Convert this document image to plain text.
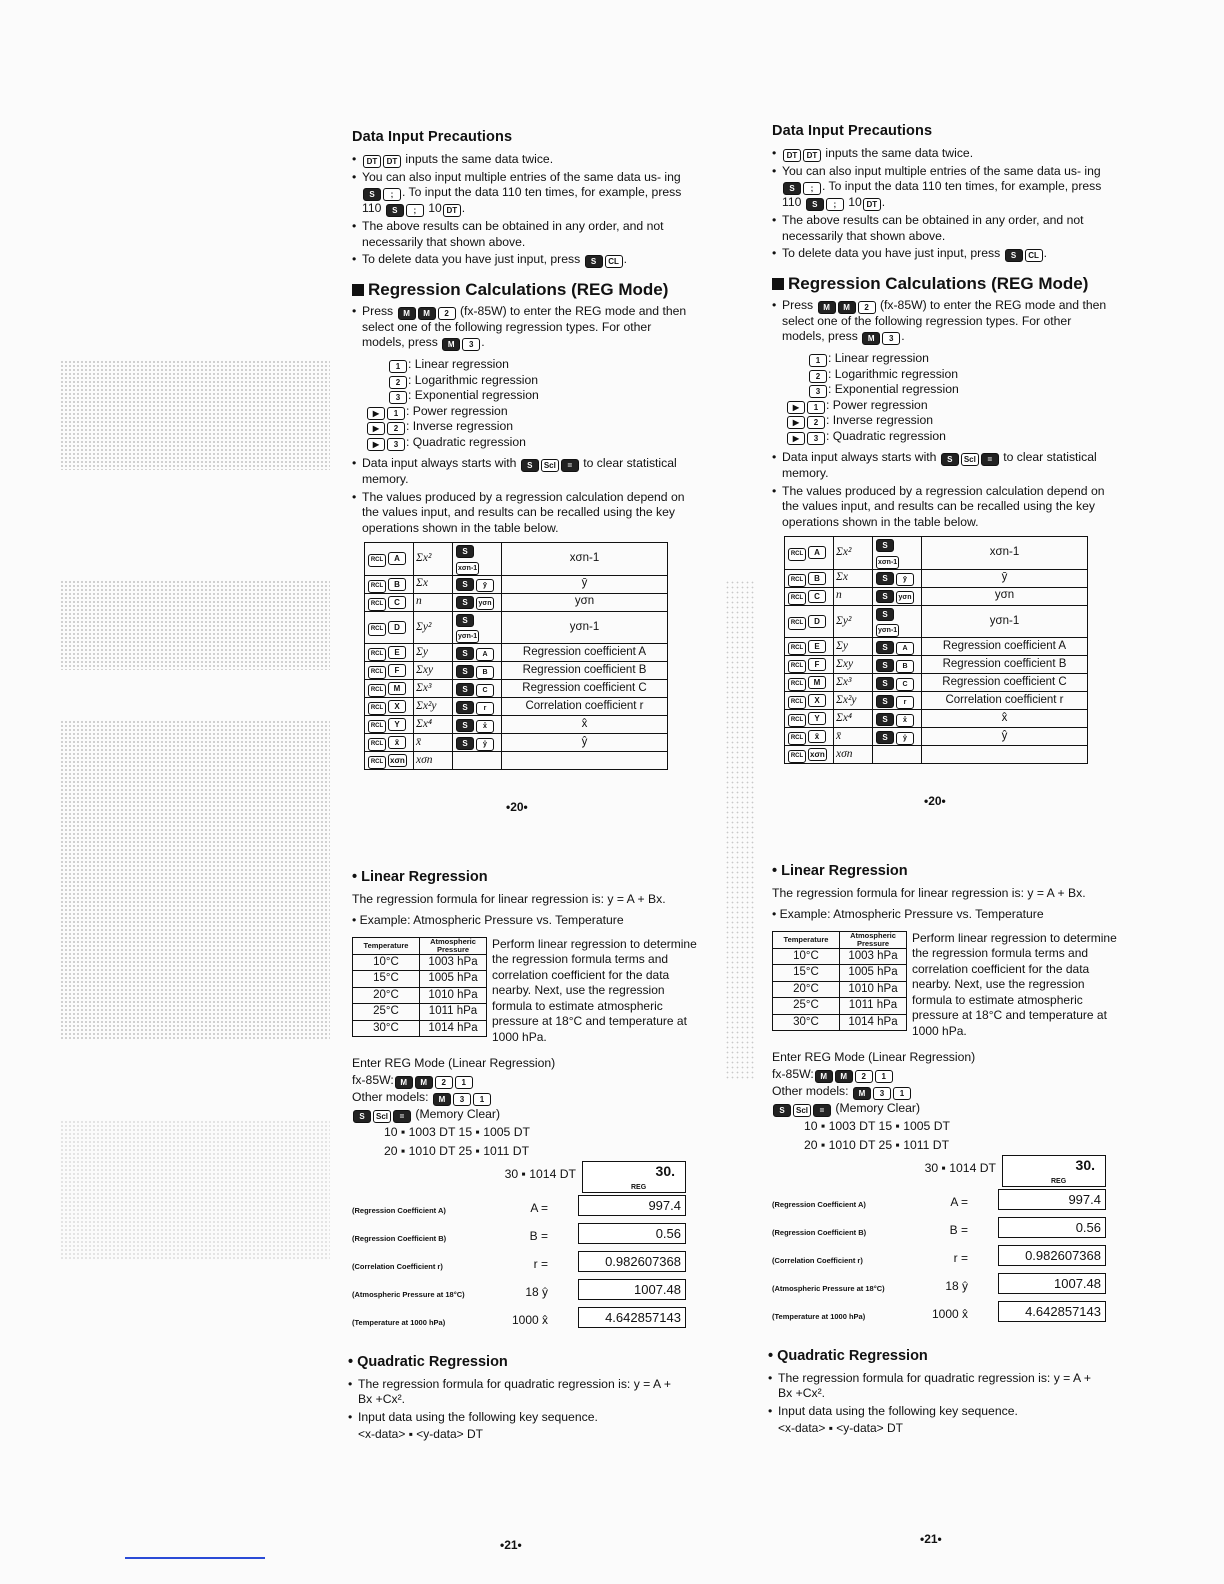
Data Input Precautions
• DT DT inputs the same data twice.
• You can also input multiple entries of the same data us- ingS ; . To input the data 110 ten times, for example, press 110 S ; 10 DT .
• The above results can be obtained in any order, and not necessarily that shown above.
• To delete data you have just input, press S CL .
Regression Calculations (REG Mode)
• Press M M 2 (fx-85W) to enter the REG mode and then select one of the following regression types. For other models, press M 3 .
1 : Linear regression
2 : Logarithmic regression
3 : Exponential regression
▶ 1 : Power regression
▶ 2 : Inverse regression
▶ 3 : Quadratic regression
• Data input always starts with S Scl = to clear statistical memory.
• The values produced by a regression calculation depend on the values input, and results can be recalled using the key operations shown in the table below.
RCL A	Σx²	Sxσn-1	xσn-1
RCL B	Σx	S ȳ	ȳ
RCL C	n	S yσn	yσn
RCL D	Σy²	Syσn-1	yσn-1
RCL E	Σy	S A	Regression coefficient A
RCL F	Σxy	S B	Regression coefficient B
RCL M	Σx³	S C	Regression coefficient C
RCL X	Σx²y	S r	Correlation coefficient r
RCL Y	Σx⁴	S x̂	x̂
RCL x̄	x̄	S ŷ	ŷ
RCL xσn	xσn		
•20•
• Linear Regression
The regression formula for linear regression is: y = A + Bx.
• Example: Atmospheric Pressure vs. Temperature
Temperature	Atmospheric Pressure
10°C	1003 hPa
15°C	1005 hPa
20°C	1010 hPa
25°C	1011 hPa
30°C	1014 hPa
Perform linear regression to determine the regression formula terms and correlation coefficient for the data nearby. Next, use the regression formula to estimate atmospheric pressure at 18°C and temperature at 1000 hPa.
Enter REG Mode (Linear Regression)
fx-85W: M M 2 1
Other models: M 3 1
S Scl = (Memory Clear)
10 ▪ 1003 DT 15 ▪ 1005 DT
20 ▪ 1010 DT 25 ▪ 1011 DT
30 ▪ 1014 DT	30.
REG
(Regression Coefficient A)	A =	997.4
(Regression Coefficient B)	B =	0.56
(Correlation Coefficient r)	r =	0.982607368
(Atmospheric Pressure at 18°C)	18 ŷ	1007.48
(Temperature at 1000 hPa)	1000 x̂	4.642857143
• Quadratic Regression
• The regression formula for quadratic regression is: y = A + Bx +Cx².
• Input data using the following key sequence.
<x-data> ▪ <y-data> DT
•21•
Data Input Precautions
• DT DT inputs the same data twice.
• You can also input multiple entries of the same data us- ingS ; . To input the data 110 ten times, for example, press 110 S ; 10 DT .
• The above results can be obtained in any order, and not necessarily that shown above.
• To delete data you have just input, press S CL .
Regression Calculations (REG Mode)
• Press M M 2 (fx-85W) to enter the REG mode and then select one of the following regression types. For other models, press M 3 .
1 : Linear regression
2 : Logarithmic regression
3 : Exponential regression
▶ 1 : Power regression
▶ 2 : Inverse regression
▶ 3 : Quadratic regression
• Data input always starts with S Scl = to clear statistical memory.
• The values produced by a regression calculation depend on the values input, and results can be recalled using the key operations shown in the table below.
RCL A	Σx²	Sxσn-1	xσn-1
RCL B	Σx	S ȳ	ȳ
RCL C	n	S yσn	yσn
RCL D	Σy²	Syσn-1	yσn-1
RCL E	Σy	S A	Regression coefficient A
RCL F	Σxy	S B	Regression coefficient B
RCL M	Σx³	S C	Regression coefficient C
RCL X	Σx²y	S r	Correlation coefficient r
RCL Y	Σx⁴	S x̂	x̂
RCL x̄	x̄	S ŷ	ŷ
RCL xσn	xσn		
•20•
• Linear Regression
The regression formula for linear regression is: y = A + Bx.
• Example: Atmospheric Pressure vs. Temperature
Temperature	Atmospheric Pressure
10°C	1003 hPa
15°C	1005 hPa
20°C	1010 hPa
25°C	1011 hPa
30°C	1014 hPa
Perform linear regression to determine the regression formula terms and correlation coefficient for the data nearby. Next, use the regression formula to estimate atmospheric pressure at 18°C and temperature at 1000 hPa.
Enter REG Mode (Linear Regression)
fx-85W: M M 2 1
Other models: M 3 1
S Scl = (Memory Clear)
10 ▪ 1003 DT 15 ▪ 1005 DT
20 ▪ 1010 DT 25 ▪ 1011 DT
30 ▪ 1014 DT	30.
REG
(Regression Coefficient A)	A =	997.4
(Regression Coefficient B)	B =	0.56
(Correlation Coefficient r)	r =	0.982607368
(Atmospheric Pressure at 18°C)	18 ŷ	1007.48
(Temperature at 1000 hPa)	1000 x̂	4.642857143
• Quadratic Regression
• The regression formula for quadratic regression is: y = A + Bx +Cx².
• Input data using the following key sequence.
<x-data> ▪ <y-data> DT
•21•
